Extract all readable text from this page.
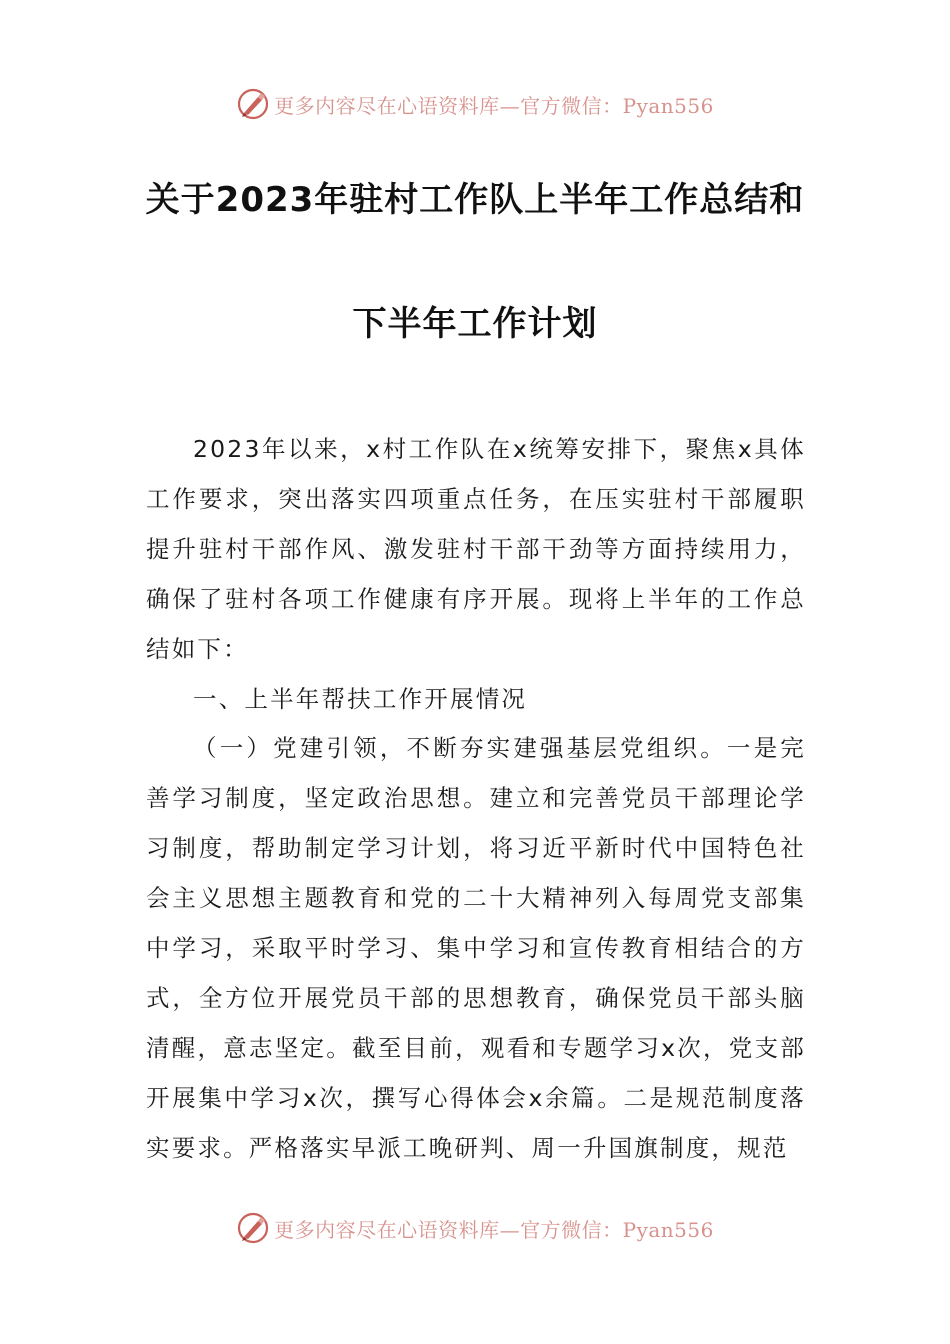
更多内容尽在心语资料库—官方微信：Pyan556
关于2023年驻村工作队上半年工作总结和
下半年工作计划

2023年以来，x村工作队在x统筹安排下，聚焦x具体工作要求，突出落实四项重点任务，在压实驻村干部履职提升驻村干部作风、激发驻村干部干劲等方面持续用力，确保了驻村各项工作健康有序开展。现将上半年的工作总结如下：

一、上半年帮扶工作开展情况

（一）党建引领，不断夯实建强基层党组织。一是完善学习制度，坚定政治思想。建立和完善党员干部理论学习制度，帮助制定学习计划，将习近平新时代中国特色社会主义思想主题教育和党的二十大精神列入每周党支部集中学习，采取平时学习、集中学习和宣传教育相结合的方式，全方位开展党员干部的思想教育，确保党员干部头脑清醒，意志坚定。截至目前，观看和专题学习x次，党支部开展集中学习x次，撰写心得体会x余篇。二是规范制度落实要求。严格落实早派工晚研判、周一升国旗制度，规范

更多内容尽在心语资料库—官方微信：Pyan556
